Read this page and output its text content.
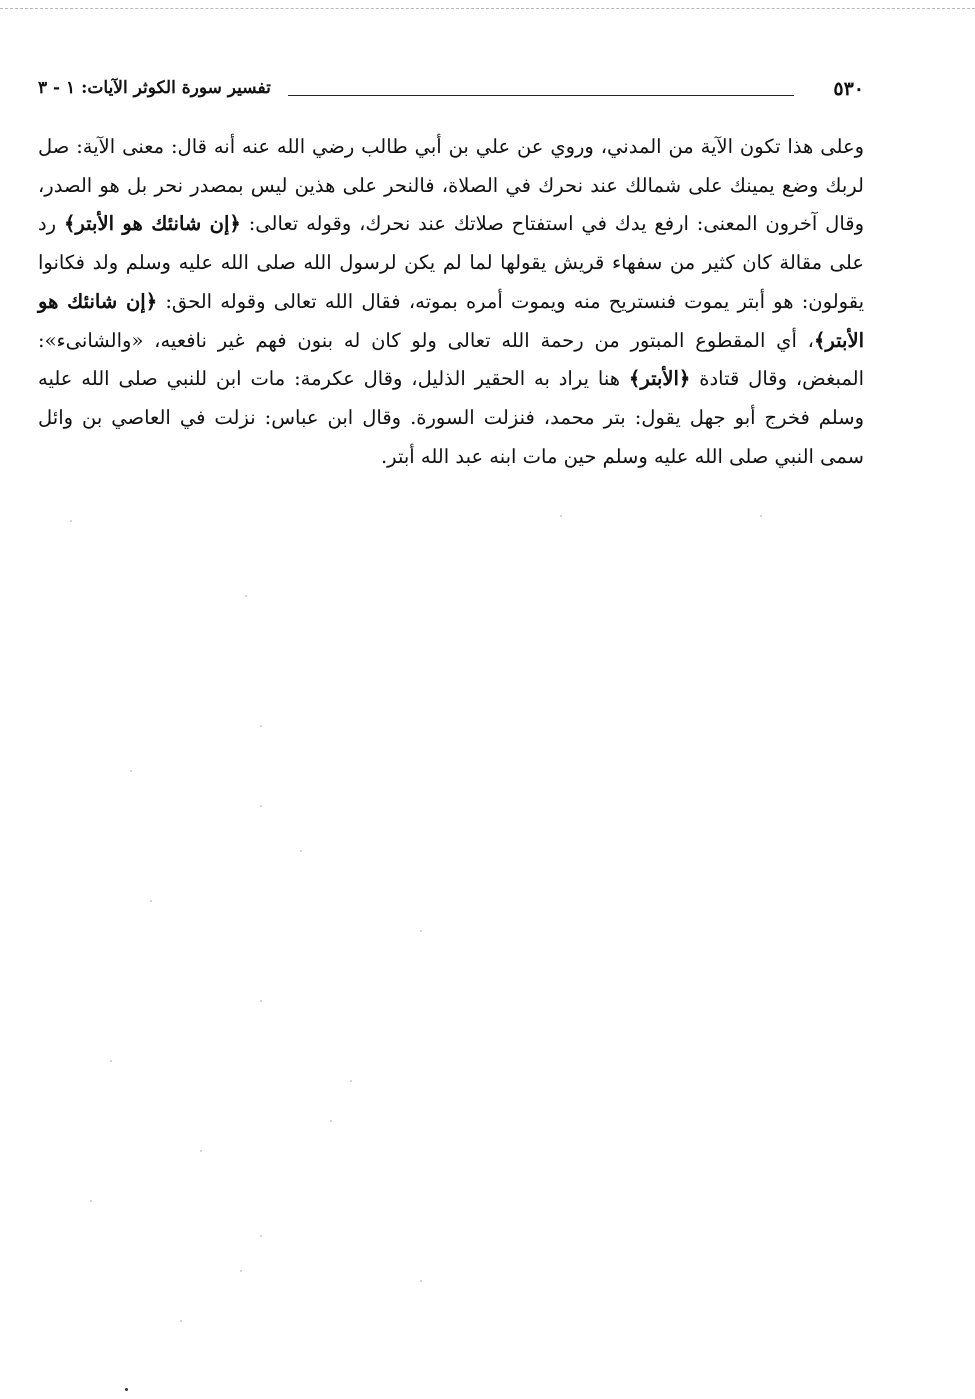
تفسير سورة الكوثر الآيات: ١ - ٣	٥٣٠

وعلى هذا تكون الآية من المدني، وروي عن علي بن أبي طالب رضي الله عنه أنه قال: معنى الآية: صل لربك وضع يمينك على شمالك عند نحرك في الصلاة، فالنحر على هذين ليس بمصدر نحر بل هو الصدر، وقال آخرون المعنى: ارفع يدك في استفتاح صلاتك عند نحرك، وقوله تعالى: ﴿إن شانئك هو الأبتر﴾ رد على مقالة كان كثير من سفهاء قريش يقولها لما لم يكن لرسول الله صلى الله عليه وسلم ولد فكانوا يقولون: هو أبتر يموت فنستريح منه ويموت أمره بموته، فقال الله تعالى وقوله الحق: ﴿إن شانئك هو الأبتر﴾، أي المقطوع المبتور من رحمة الله تعالى ولو كان له بنون فهم غير نافعيه، «والشانىء»: المبغض، وقال قتادة ﴿الأبتر﴾ هنا يراد به الحقير الذليل، وقال عكرمة: مات ابن للنبي صلى الله عليه وسلم فخرج أبو جهل يقول: بتر محمد، فنزلت السورة. وقال ابن عباس: نزلت في العاصي بن وائل سمى النبي صلى الله عليه وسلم حين مات ابنه عبد الله أبتر.
